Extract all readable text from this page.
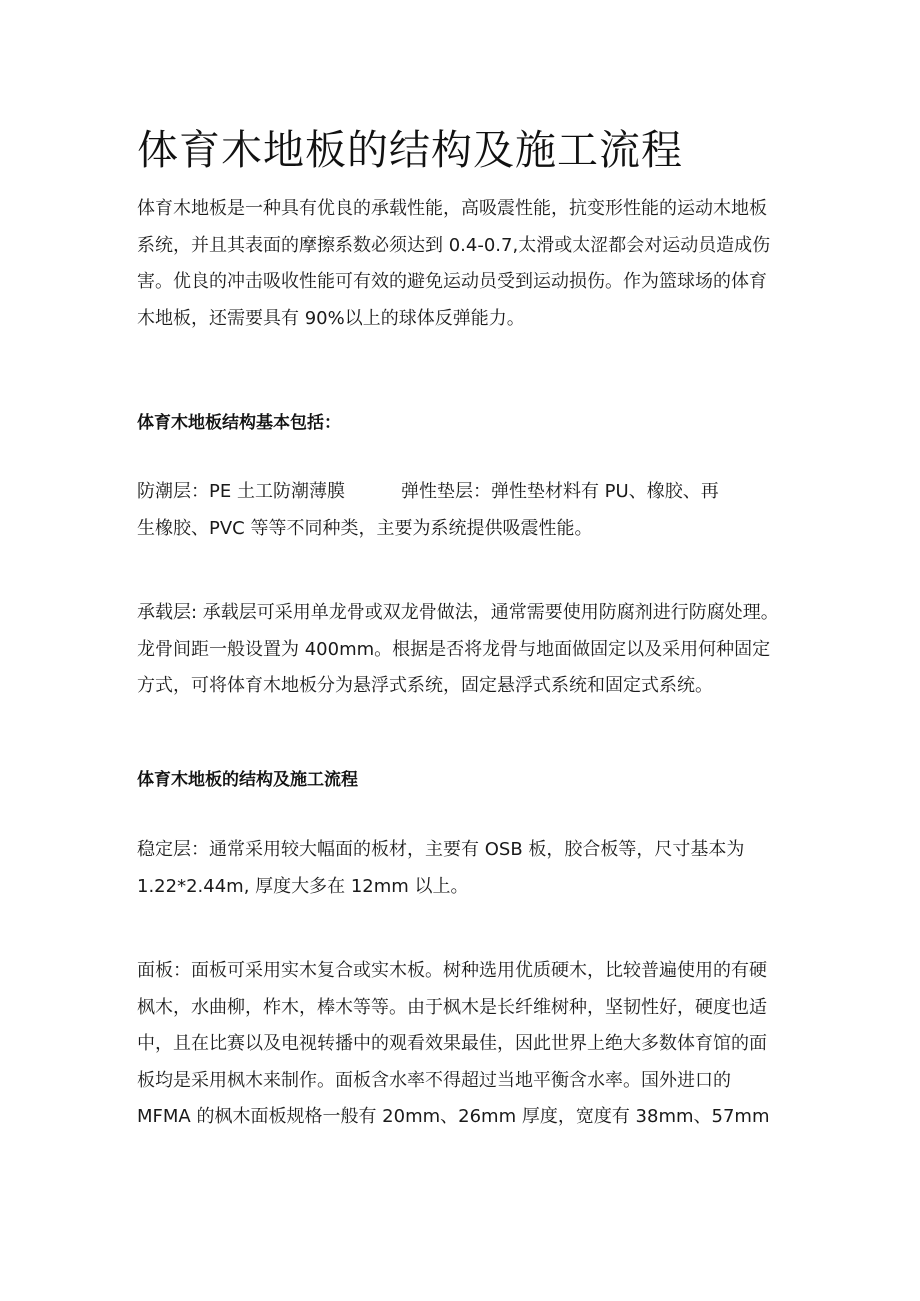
体育木地板的结构及施工流程

体育木地板是一种具有优良的承载性能，高吸震性能，抗变形性能的运动木地板
系统，并且其表面的摩擦系数必须达到 0.4-0.7,太滑或太涩都会对运动员造成伤
害。优良的冲击吸收性能可有效的避免运动员受到运动损伤。作为篮球场的体育
木地板，还需要具有 90%以上的球体反弹能力。

体育木地板结构基本包括：

防潮层：PE 土工防潮薄膜	弹性垫层：弹性垫材料有 PU、橡胶、再
生橡胶、PVC 等等不同种类，主要为系统提供吸震性能。

承载层: 承载层可采用单龙骨或双龙骨做法，通常需要使用防腐剂进行防腐处理。
龙骨间距一般设置为 400mm。根据是否将龙骨与地面做固定以及采用何种固定
方式，可将体育木地板分为悬浮式系统，固定悬浮式系统和固定式系统。

体育木地板的结构及施工流程

稳定层：通常采用较大幅面的板材，主要有 OSB 板，胶合板等，尺寸基本为
1.22*2.44m, 厚度大多在 12mm 以上。

面板：面板可采用实木复合或实木板。树种选用优质硬木，比较普遍使用的有硬
枫木，水曲柳，柞木，棒木等等。由于枫木是长纤维树种，坚韧性好，硬度也适
中，且在比赛以及电视转播中的观看效果最佳，因此世界上绝大多数体育馆的面
板均是采用枫木来制作。面板含水率不得超过当地平衡含水率。国外进口的
MFMA 的枫木面板规格一般有 20mm、26mm 厚度，宽度有 38mm、57mm
